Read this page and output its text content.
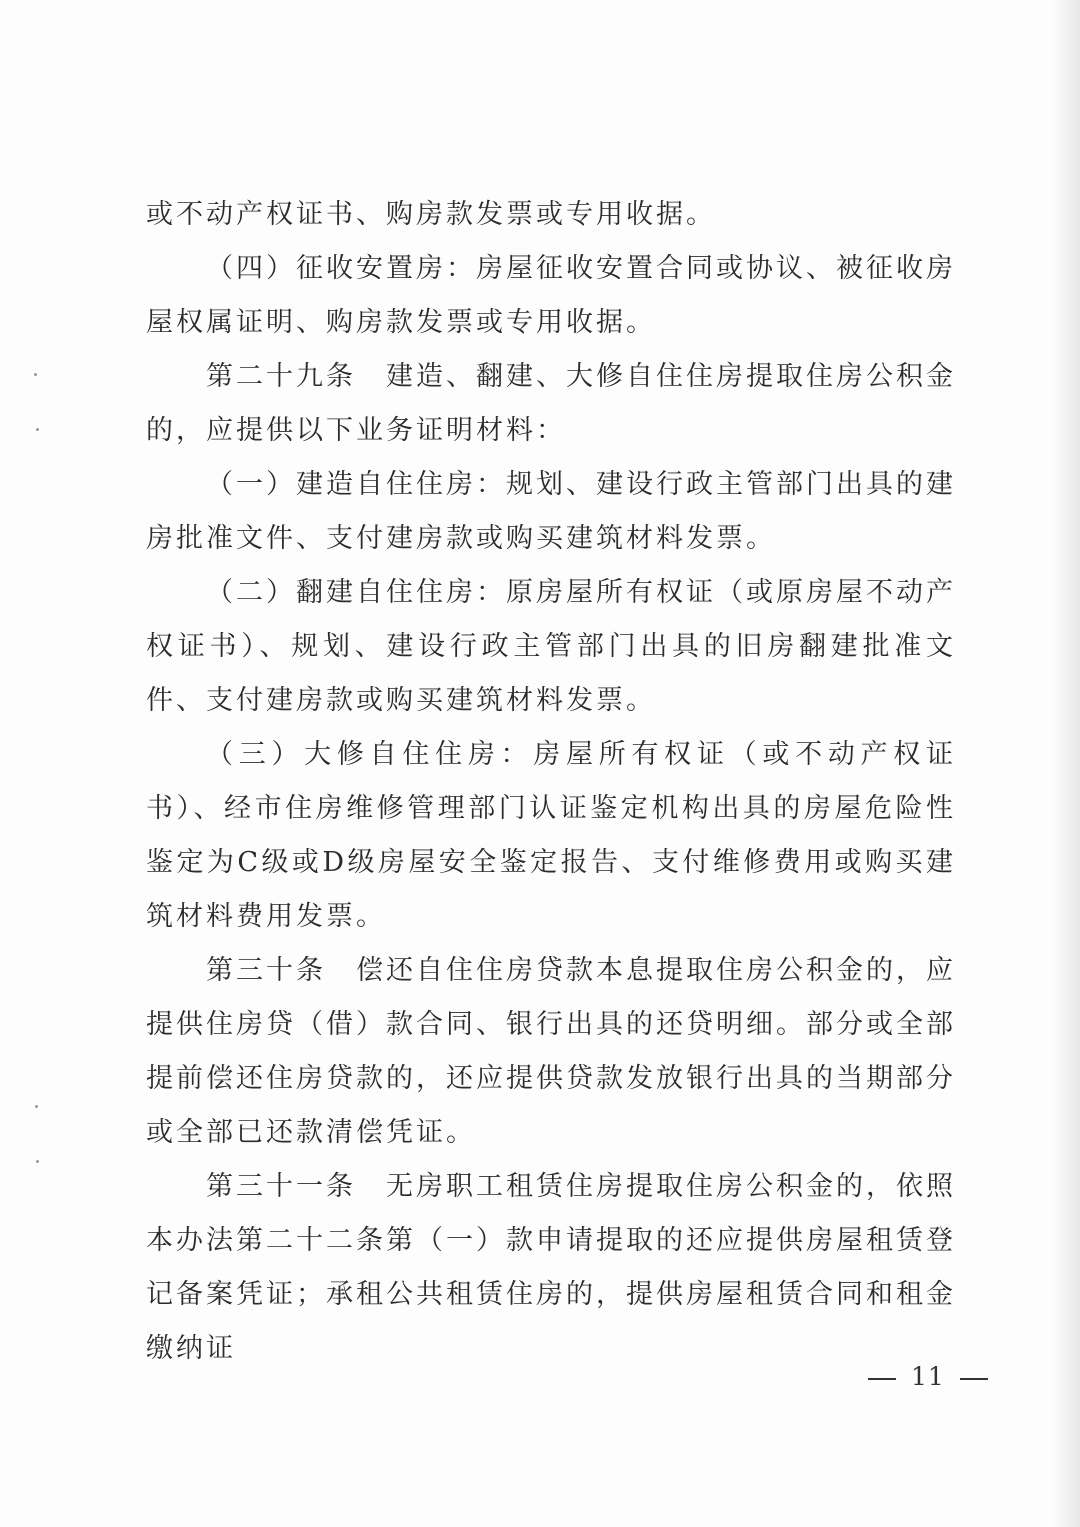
或不动产权证书、购房款发票或专用收据。

（四）征收安置房：房屋征收安置合同或协议、被征收房屋权属证明、购房款发票或专用收据。

第二十九条　建造、翻建、大修自住住房提取住房公积金的，应提供以下业务证明材料：

（一）建造自住住房：规划、建设行政主管部门出具的建房批准文件、支付建房款或购买建筑材料发票。

（二）翻建自住住房：原房屋所有权证（或原房屋不动产权证书）、规划、建设行政主管部门出具的旧房翻建批准文件、支付建房款或购买建筑材料发票。

（三）大修自住住房：房屋所有权证（或不动产权证书）、经市住房维修管理部门认证鉴定机构出具的房屋危险性鉴定为C级或D级房屋安全鉴定报告、支付维修费用或购买建筑材料费用发票。

第三十条　偿还自住住房贷款本息提取住房公积金的，应提供住房贷（借）款合同、银行出具的还贷明细。部分或全部提前偿还住房贷款的，还应提供贷款发放银行出具的当期部分或全部已还款清偿凭证。

第三十一条　无房职工租赁住房提取住房公积金的，依照本办法第二十二条第（一）款申请提取的还应提供房屋租赁登记备案凭证；承租公共租赁住房的，提供房屋租赁合同和租金缴纳证

11
